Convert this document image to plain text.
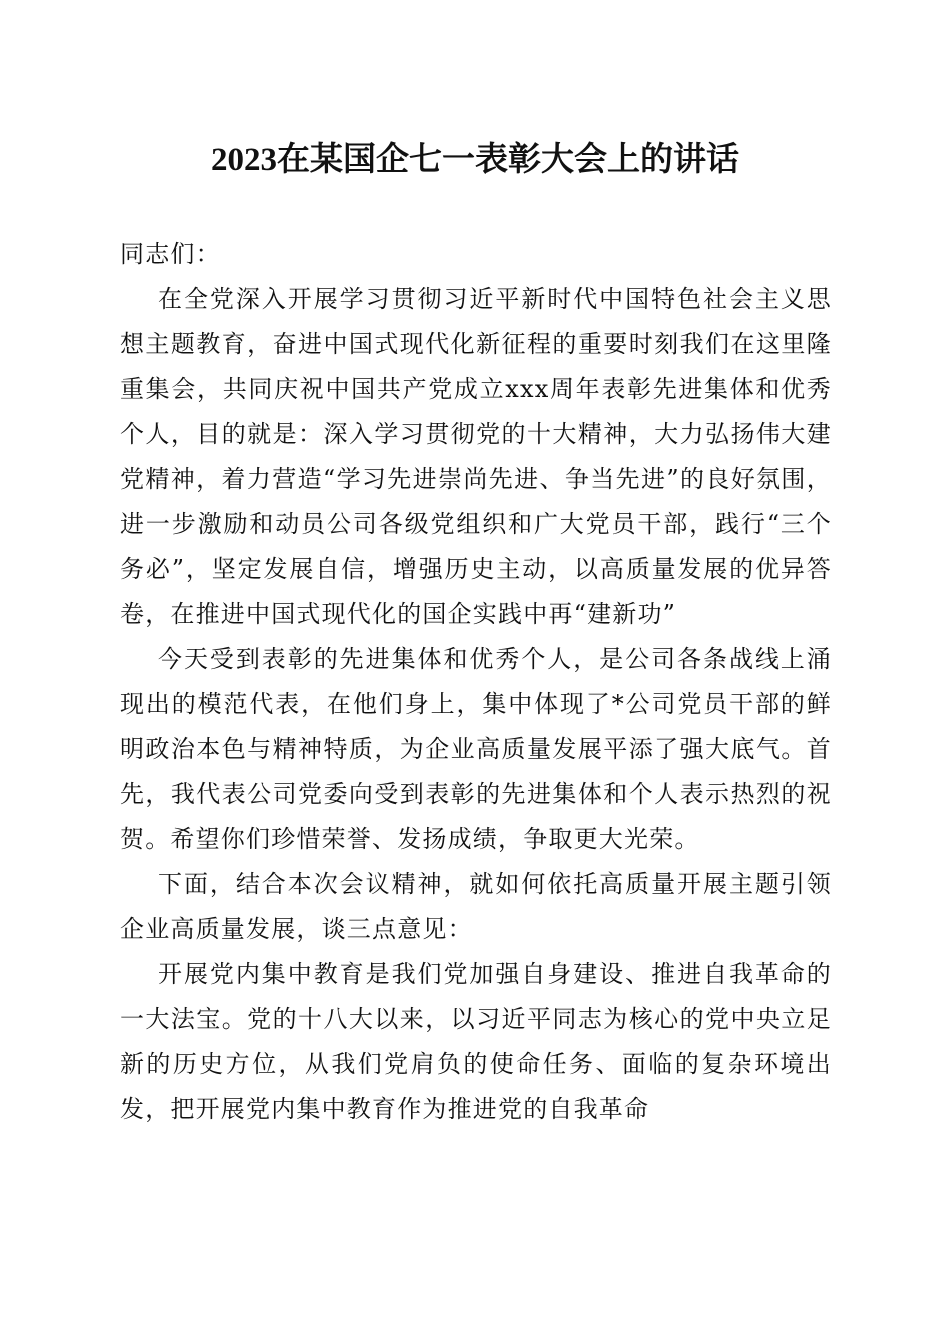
2023在某国企七一表彰大会上的讲话

同志们：

在全党深入开展学习贯彻习近平新时代中国特色社会主义思想主题教育，奋进中国式现代化新征程的重要时刻我们在这里隆重集会，共同庆祝中国共产党成立xxx周年表彰先进集体和优秀个人，目的就是：深入学习贯彻党的十大精神，大力弘扬伟大建党精神，着力营造“学习先进崇尚先进、争当先进”的良好氛围，进一步激励和动员公司各级党组织和广大党员干部，践行“三个务必”，坚定发展自信，增强历史主动，以高质量发展的优异答卷，在推进中国式现代化的国企实践中再“建新功”

今天受到表彰的先进集体和优秀个人，是公司各条战线上涌现出的模范代表，在他们身上，集中体现了*公司党员干部的鲜明政治本色与精神特质，为企业高质量发展平添了强大底气。首先，我代表公司党委向受到表彰的先进集体和个人表示热烈的祝贺。希望你们珍惜荣誉、发扬成绩，争取更大光荣。

下面，结合本次会议精神，就如何依托高质量开展主题引领企业高质量发展，谈三点意见：

开展党内集中教育是我们党加强自身建设、推进自我革命的一大法宝。党的十八大以来，以习近平同志为核心的党中央立足新的历史方位，从我们党肩负的使命任务、面临的复杂环境出发，把开展党内集中教育作为推进党的自我革命
